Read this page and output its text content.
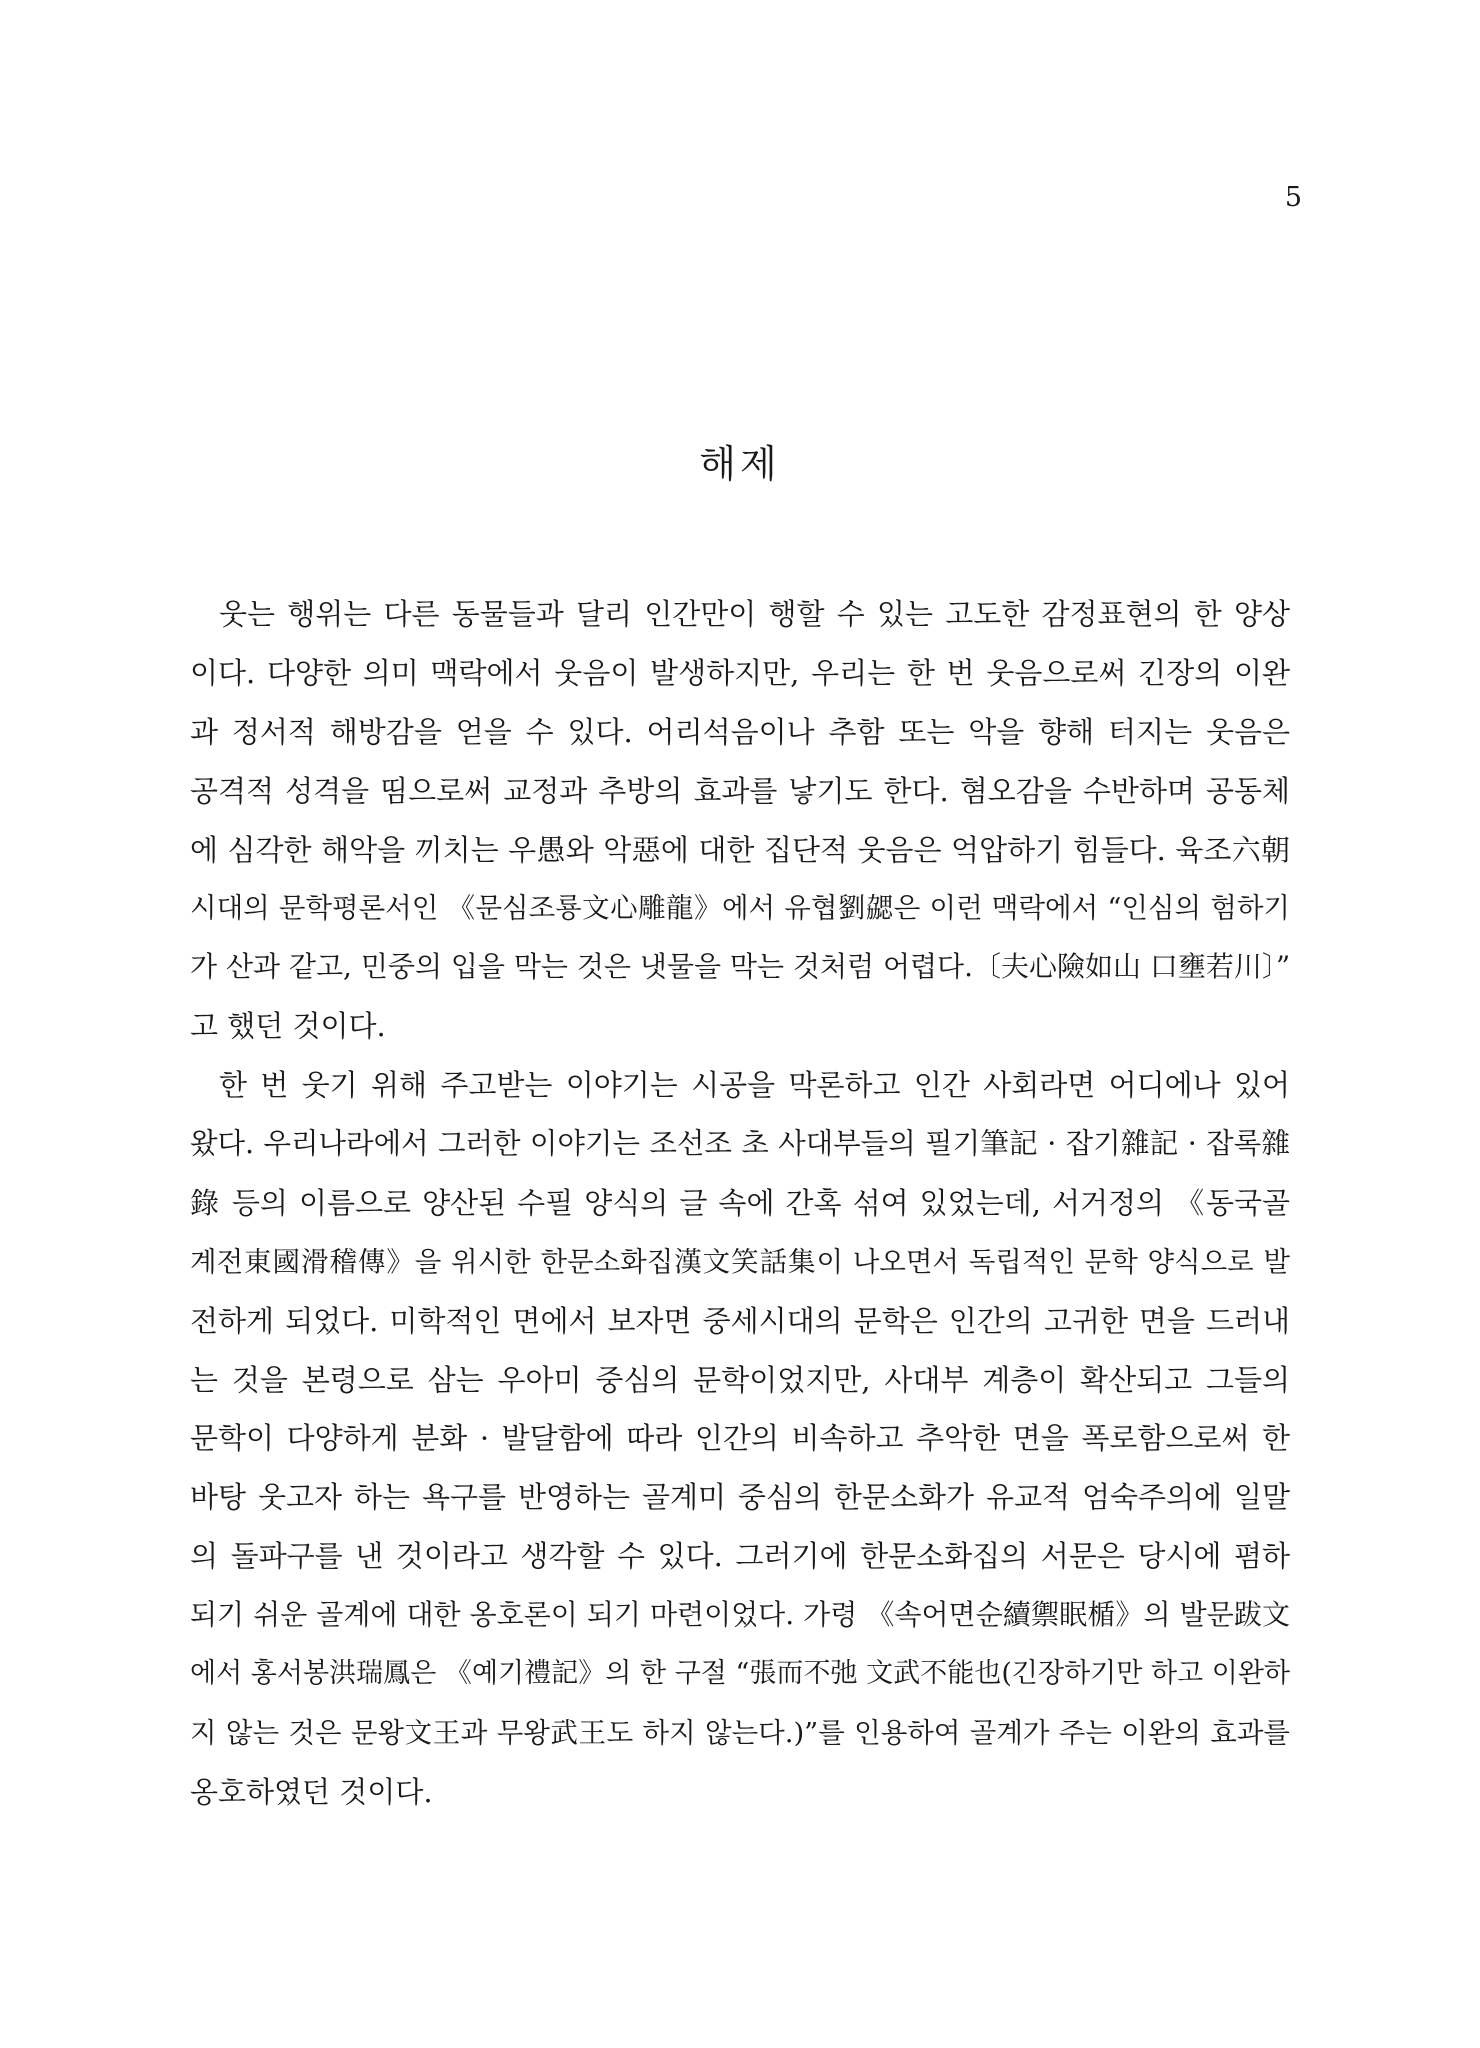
5
해제
웃는 행위는 다른 동물들과 달리 인간만이 행할 수 있는 고도한 감정표현의 한 양상
이다. 다양한 의미 맥락에서 웃음이 발생하지만, 우리는 한 번 웃음으로써 긴장의 이완
과 정서적 해방감을 얻을 수 있다. 어리석음이나 추함 또는 악을 향해 터지는 웃음은
공격적 성격을 띰으로써 교정과 추방의 효과를 낳기도 한다. 혐오감을 수반하며 공동체
에 심각한 해악을 끼치는 우愚와 악惡에 대한 집단적 웃음은 억압하기 힘들다. 육조六朝
시대의 문학평론서인 《문심조룡文心雕龍》에서 유협劉勰은 이런 맥락에서 “인심의 험하기
가 산과 같고, 민중의 입을 막는 것은 냇물을 막는 것처럼 어렵다.〔夫心險如山 口壅若川〕”
고 했던 것이다.
한 번 웃기 위해 주고받는 이야기는 시공을 막론하고 인간 사회라면 어디에나 있어
왔다. 우리나라에서 그러한 이야기는 조선조 초 사대부들의 필기筆記 · 잡기雜記 · 잡록雜
錄 등의 이름으로 양산된 수필 양식의 글 속에 간혹 섞여 있었는데, 서거정의 《동국골
계전東國滑稽傳》을 위시한 한문소화집漢文笑話集이 나오면서 독립적인 문학 양식으로 발
전하게 되었다. 미학적인 면에서 보자면 중세시대의 문학은 인간의 고귀한 면을 드러내
는 것을 본령으로 삼는 우아미 중심의 문학이었지만, 사대부 계층이 확산되고 그들의
문학이 다양하게 분화 · 발달함에 따라 인간의 비속하고 추악한 면을 폭로함으로써 한
바탕 웃고자 하는 욕구를 반영하는 골계미 중심의 한문소화가 유교적 엄숙주의에 일말
의 돌파구를 낸 것이라고 생각할 수 있다. 그러기에 한문소화집의 서문은 당시에 폄하
되기 쉬운 골계에 대한 옹호론이 되기 마련이었다. 가령 《속어면순續禦眠楯》의 발문跋文
에서 홍서봉洪瑞鳳은 《예기禮記》의 한 구절 “張而不弛 文武不能也(긴장하기만 하고 이완하
지 않는 것은 문왕文王과 무왕武王도 하지 않는다.)”를 인용하여 골계가 주는 이완의 효과를
옹호하였던 것이다.
